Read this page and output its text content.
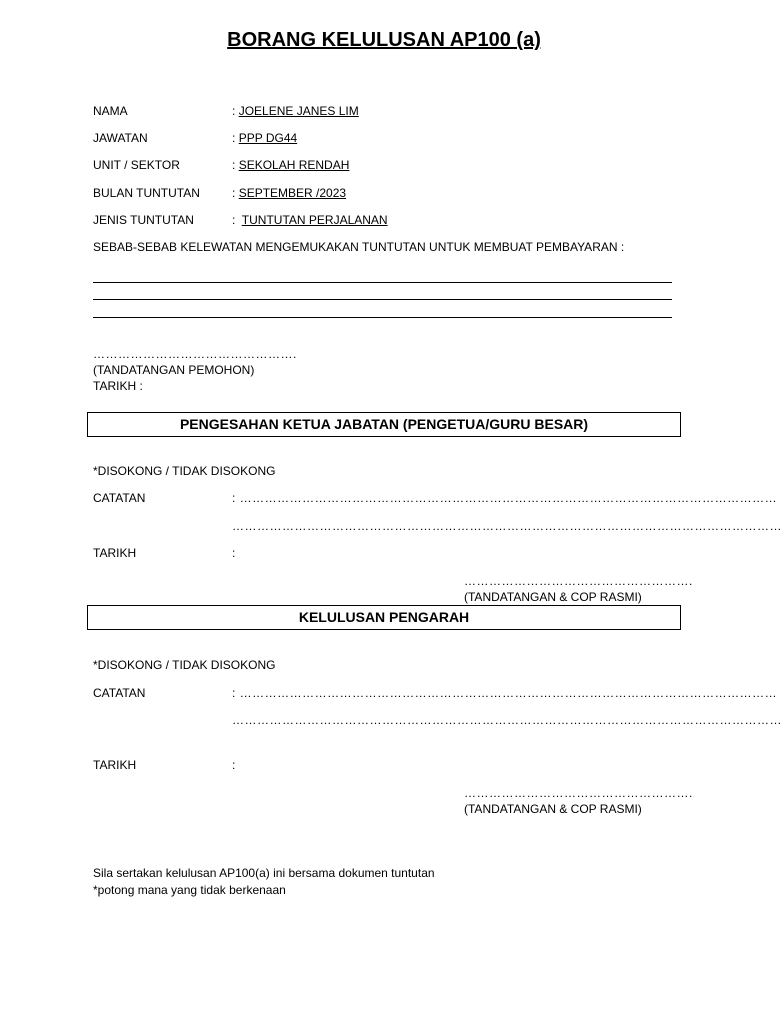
BORANG KELULUSAN AP100 (a)
NAMA	: JOELENE JANES LIM
JAWATAN	: PPP DG44
UNIT / SEKTOR	: SEKOLAH RENDAH
BULAN TUNTUTAN	: SEPTEMBER /2023
JENIS TUNTUTAN	: TUNTUTAN PERJALANAN
SEBAB-SEBAB KELEWATAN MENGEMUKAKAN TUNTUTAN UNTUK MEMBUAT PEMBAYARAN :
………………………………………….
(TANDATANGAN PEMOHON)
TARIKH :
PENGESAHAN KETUA JABATAN (PENGETUA/GURU BESAR)
*DISOKONG / TIDAK DISOKONG
CATATAN	: …………………………………………………………………………………………………………………
……………………………………………………………………………………………………………………
TARIKH	:
……………………………………………….
(TANDATANGAN & COP RASMI)
KELULUSAN PENGARAH
*DISOKONG / TIDAK DISOKONG
CATATAN	: …………………………………………………………………………………………………………………
……………………………………………………………………………………………………………………
TARIKH	:
……………………………………………….
(TANDATANGAN & COP RASMI)
Sila sertakan kelulusan AP100(a) ini bersama dokumen tuntutan
*potong mana yang tidak berkenaan
